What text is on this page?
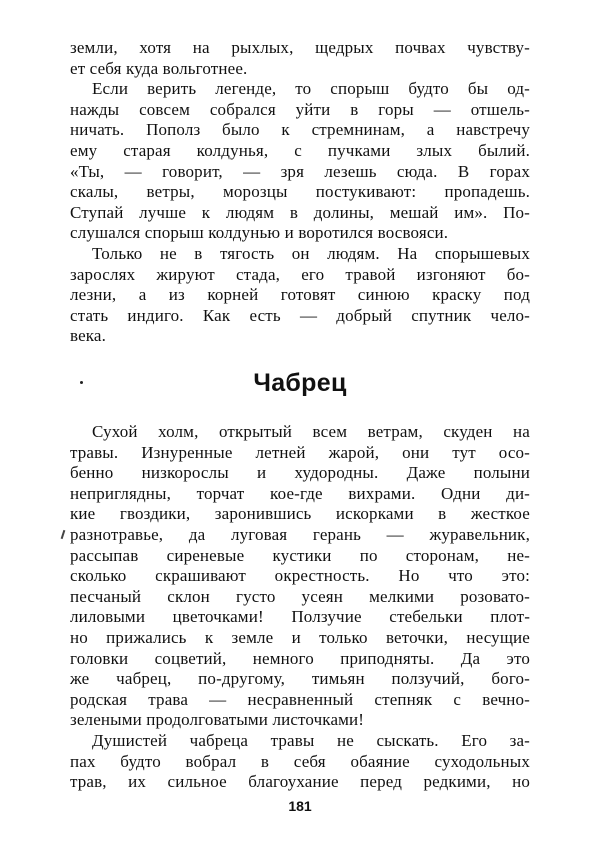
земли, хотя на рыхлых, щедрых почвах чувству-
ет себя куда вольготнее.
Если верить легенде, то спорыш будто бы од-
нажды совсем собрался уйти в горы — отшель-
ничать. Пополз было к стремнинам, а навстречу
ему старая колдунья, с пучками злых былий.
«Ты, — говорит, — зря лезешь сюда. В горах
скалы, ветры, морозцы постукивают: пропадешь.
Ступай лучше к людям в долины, мешай им». По-
слушался спорыш колдунью и воротился восвояси.
Только не в тягость он людям. На спорышевых
зарослях жируют стада, его травой изгоняют бо-
лезни, а из корней готовят синюю краску под
стать индиго. Как есть — добрый спутник чело-
века.
Чабрец
Сухой холм, открытый всем ветрам, скуден на
травы. Изнуренные летней жарой, они тут осо-
бенно низкорослы и худородны. Даже полыни
неприглядны, торчат кое-где вихрами. Одни ди-
кие гвоздики, заронившись искорками в жесткое
разнотравье, да луговая герань — журавельник,
рассыпав сиреневые кустики по сторонам, не-
сколько скрашивают окрестность. Но что это:
песчаный склон густо усеян мелкими розовато-
лиловыми цветочками! Ползучие стебельки плот-
но прижались к земле и только веточки, несущие
головки соцветий, немного приподняты. Да это
же чабрец, по-другому, тимьян ползучий, бого-
родская трава — несравненный степняк с вечно-
зелеными продолговатыми листочками!
Душистей чабреца травы не сыскать. Его за-
пах будто вобрал в себя обаяние суходольных
трав, их сильное благоухание перед редкими, но
181
